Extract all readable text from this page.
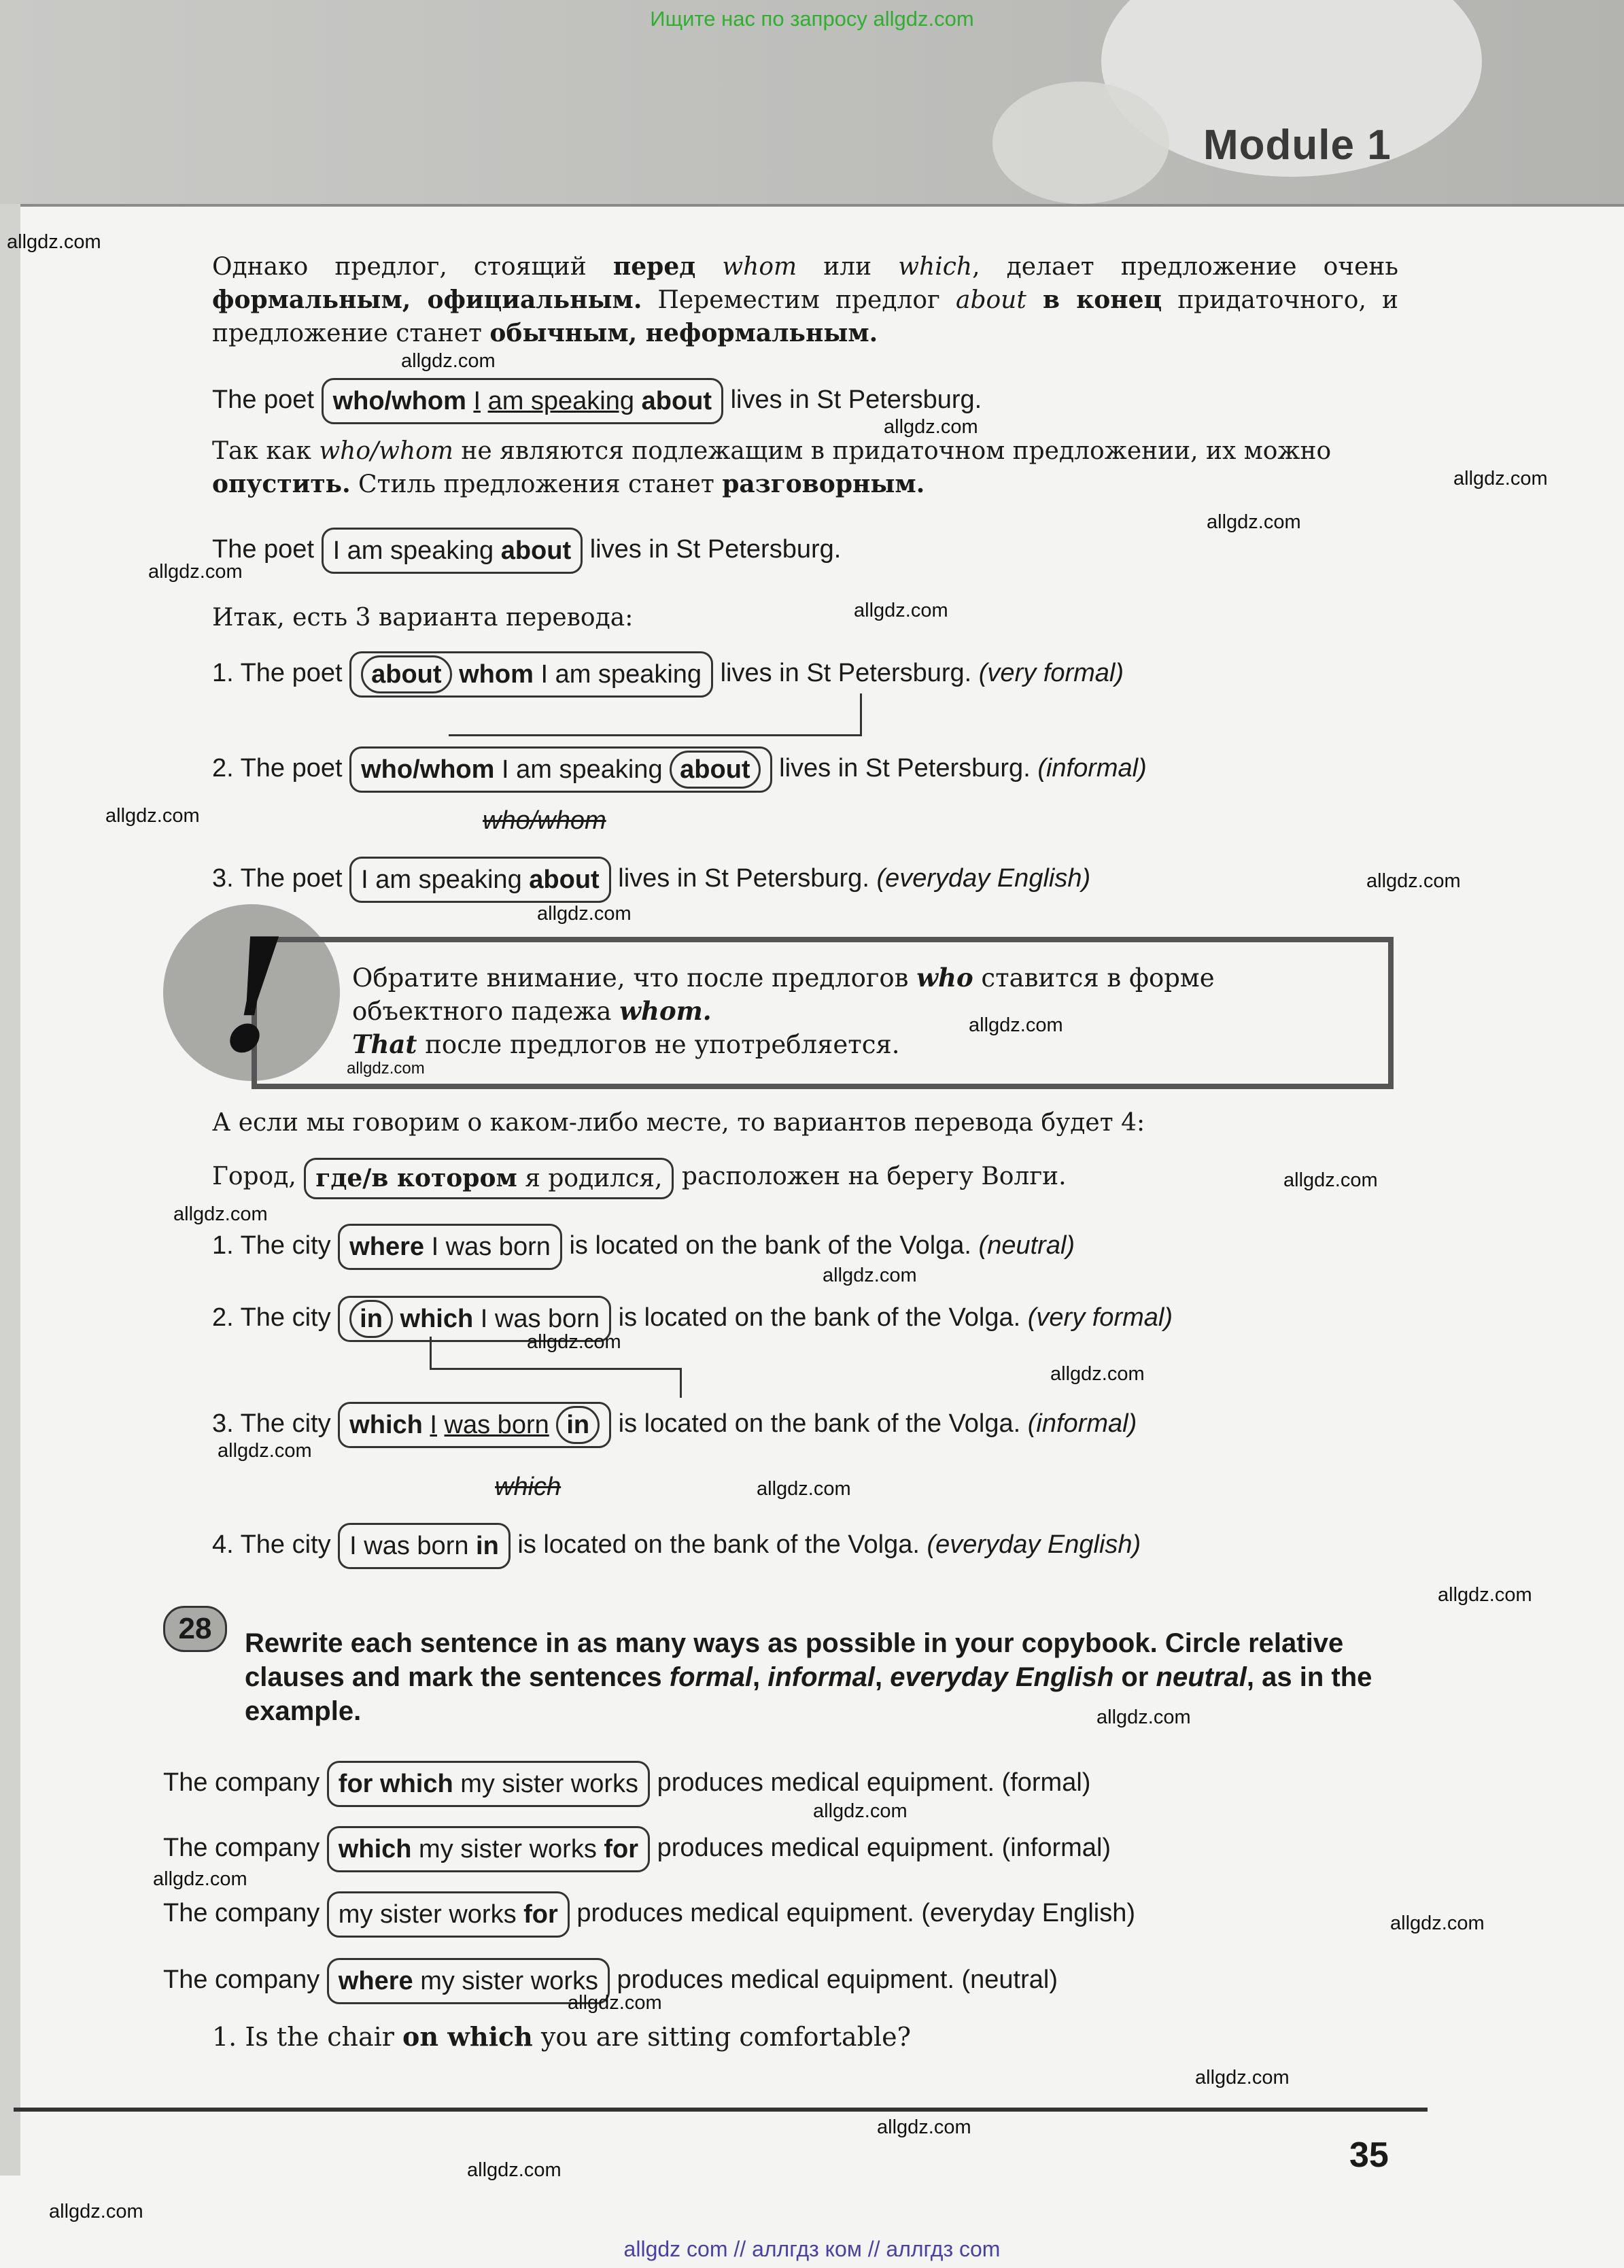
Ищите нас по запросу allgdz.com
Module 1
Однако предлог, стоящий перед whom или which, делает предложение очень формальным, официальным. Переместим предлог about в конец придаточного, и предложение станет обычным, неформальным.
The poet who/whom I am speaking about lives in St Petersburg.
Так как who/whom не являются подлежащим в придаточном предложении, их можно опустить. Стиль предложения станет разговорным.
The poet I am speaking about lives in St Petersburg.
Итак, есть 3 варианта перевода:
1. The poet about whom I am speaking lives in St Petersburg. (very formal)
2. The poet who/whom I am speaking about lives in St Petersburg. (informal)
who/whom
3. The poet I am speaking about lives in St Petersburg. (everyday English)
!	Обратите внимание, что после предлогов who ставится в форме объектного падежа whom.
That после предлогов не употребляется.
А если мы говорим о каком-либо месте, то вариантов перевода будет 4:
Город, где/в котором я родился, расположен на берегу Волги.
1. The city where I was born is located on the bank of the Volga. (neutral)
2. The city in which I was born is located on the bank of the Volga. (very formal)
3. The city which I was born in is located on the bank of the Volga. (informal)
which
4. The city I was born in is located on the bank of the Volga. (everyday English)
28	Rewrite each sentence in as many ways as possible in your copybook. Circle relative clauses and mark the sentences formal, informal, everyday English or neutral, as in the example.
The company for which my sister works produces medical equipment. (formal)
The company which my sister works for produces medical equipment. (informal)
The company my sister works for produces medical equipment. (everyday English)
The company where my sister works produces medical equipment. (neutral)
1. Is the chair on which you are sitting comfortable?
35
allgdz.com
allgdz.com
allgdz.com
allgdz.com
allgdz.com
allgdz.com
allgdz.com
allgdz.com
allgdz.com
allgdz.com
allgdz.com
allgdz.com
allgdz.com
allgdz.com
allgdz.com
allgdz.com
allgdz.com
allgdz.com
allgdz.com
allgdz.com
allgdz.com
allgdz.com
allgdz.com
allgdz.com
allgdz.com
allgdz.com
allgdz.com
allgdz.com
allgdz.com
allgdz com // аллгдз ком // аллгдз com
